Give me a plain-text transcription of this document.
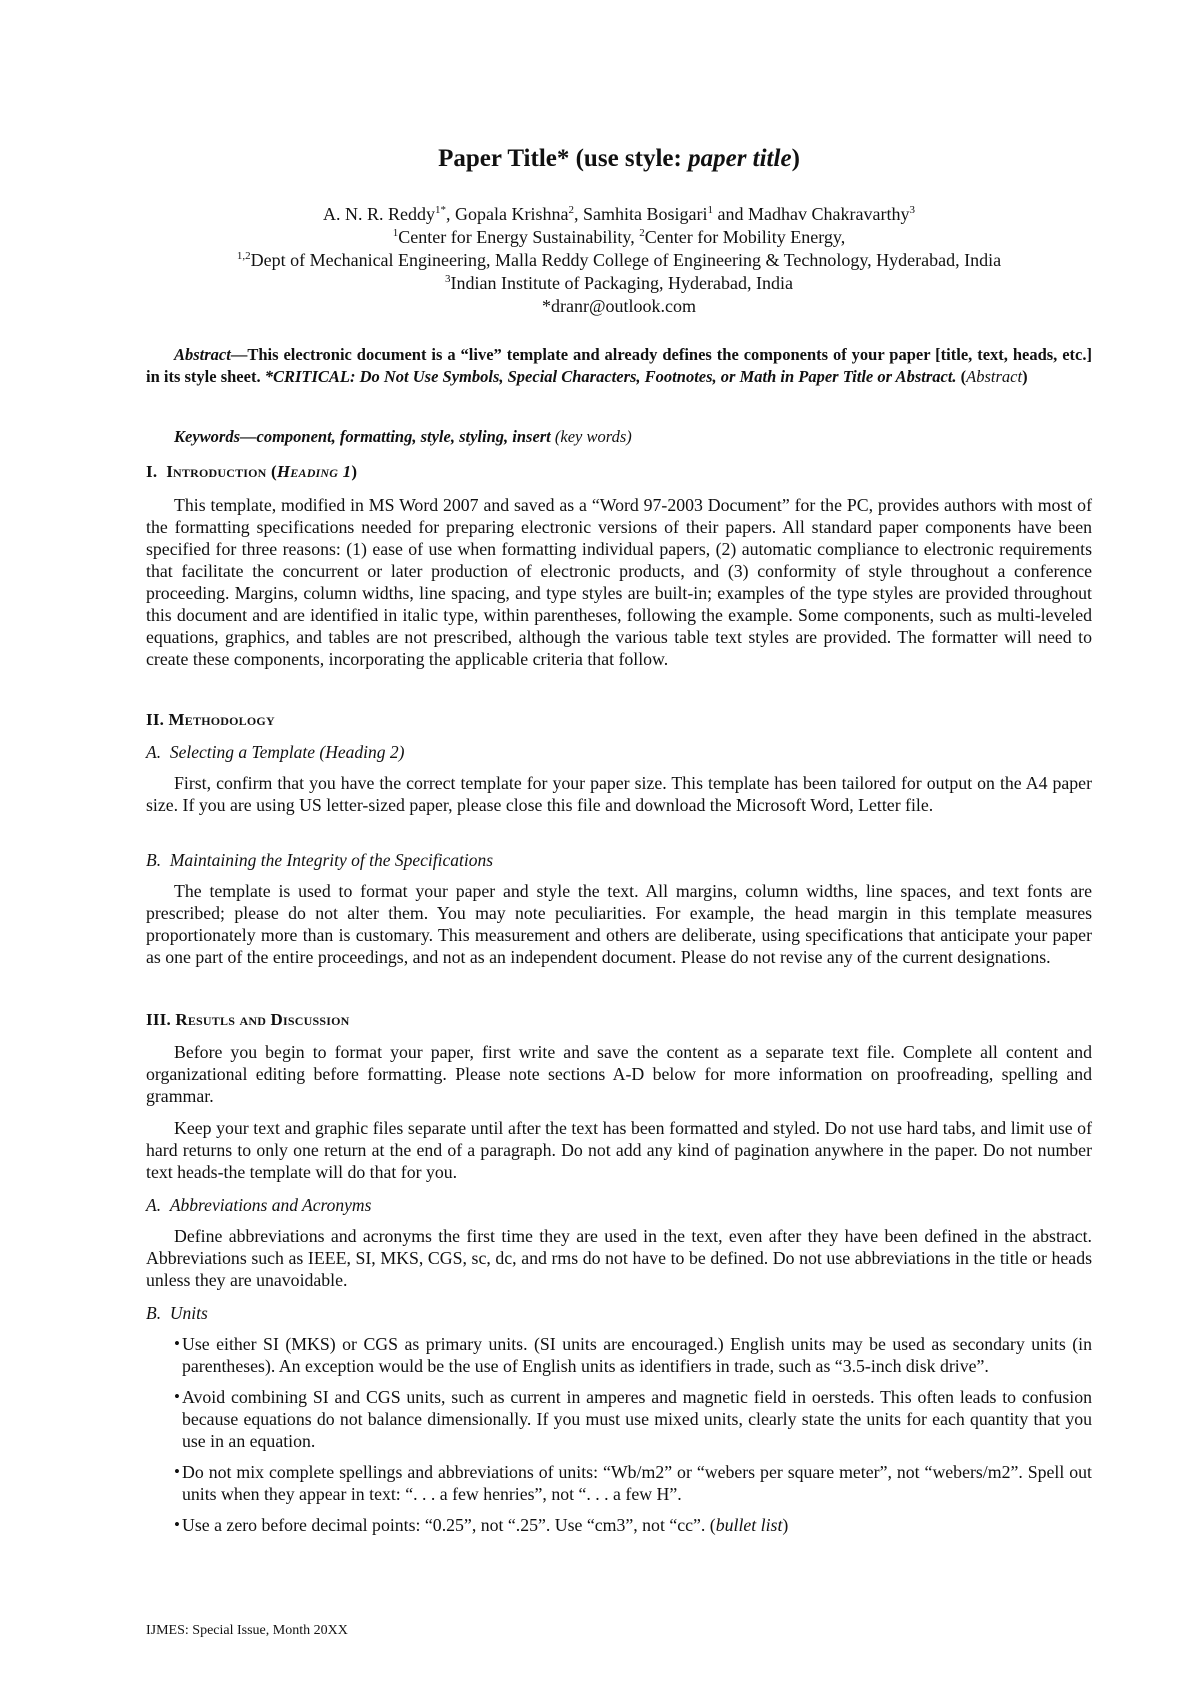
Paper Title* (use style: paper title)
A. N. R. Reddy$^{1*}$, Gopala Krishna$^2$, Samhita Bosigari$^1$ and Madhav Chakravarthy$^3$
$^1$Center for Energy Sustainability, $^2$Center for Mobility Energy,
$^{1,2}$Dept of Mechanical Engineering, Malla Reddy College of Engineering & Technology, Hyderabad, India
$^3$Indian Institute of Packaging, Hyderabad, India
*dranr@outlook.com
Abstract—This electronic document is a “live” template and already defines the components of your paper [title, text, heads, etc.] in its style sheet. *CRITICAL: Do Not Use Symbols, Special Characters, Footnotes, or Math in Paper Title or Abstract. (Abstract)
Keywords—component, formatting, style, styling, insert (key words)
I. Introduction (Heading 1)
This template, modified in MS Word 2007 and saved as a “Word 97-2003 Document” for the PC, provides authors with most of the formatting specifications needed for preparing electronic versions of their papers. All standard paper components have been specified for three reasons: (1) ease of use when formatting individual papers, (2) automatic compliance to electronic requirements that facilitate the concurrent or later production of electronic products, and (3) conformity of style throughout a conference proceeding. Margins, column widths, line spacing, and type styles are built-in; examples of the type styles are provided throughout this document and are identified in italic type, within parentheses, following the example. Some components, such as multi-leveled equations, graphics, and tables are not prescribed, although the various table text styles are provided. The formatter will need to create these components, incorporating the applicable criteria that follow.
II. Methodology
A. Selecting a Template (Heading 2)
First, confirm that you have the correct template for your paper size. This template has been tailored for output on the A4 paper size. If you are using US letter-sized paper, please close this file and download the Microsoft Word, Letter file.
B. Maintaining the Integrity of the Specifications
The template is used to format your paper and style the text. All margins, column widths, line spaces, and text fonts are prescribed; please do not alter them. You may note peculiarities. For example, the head margin in this template measures proportionately more than is customary. This measurement and others are deliberate, using specifications that anticipate your paper as one part of the entire proceedings, and not as an independent document. Please do not revise any of the current designations.
III. Resutls and Discussion
Before you begin to format your paper, first write and save the content as a separate text file. Complete all content and organizational editing before formatting. Please note sections A-D below for more information on proofreading, spelling and grammar.
Keep your text and graphic files separate until after the text has been formatted and styled. Do not use hard tabs, and limit use of hard returns to only one return at the end of a paragraph. Do not add any kind of pagination anywhere in the paper. Do not number text heads-the template will do that for you.
A. Abbreviations and Acronyms
Define abbreviations and acronyms the first time they are used in the text, even after they have been defined in the abstract. Abbreviations such as IEEE, SI, MKS, CGS, sc, dc, and rms do not have to be defined. Do not use abbreviations in the title or heads unless they are unavoidable.
B. Units
•
Use either SI (MKS) or CGS as primary units. (SI units are encouraged.) English units may be used as secondary units (in parentheses). An exception would be the use of English units as identifiers in trade, such as “3.5-inch disk drive”.
•
Avoid combining SI and CGS units, such as current in amperes and magnetic field in oersteds. This often leads to confusion because equations do not balance dimensionally. If you must use mixed units, clearly state the units for each quantity that you use in an equation.
•
Do not mix complete spellings and abbreviations of units: “Wb/m2” or “webers per square meter”, not “webers/m2”. Spell out units when they appear in text: “. . . a few henries”, not “. . . a few H”.
•
Use a zero before decimal points: “0.25”, not “.25”. Use “cm3”, not “cc”. (bullet list)
IJMES: Special Issue, Month 20XX
